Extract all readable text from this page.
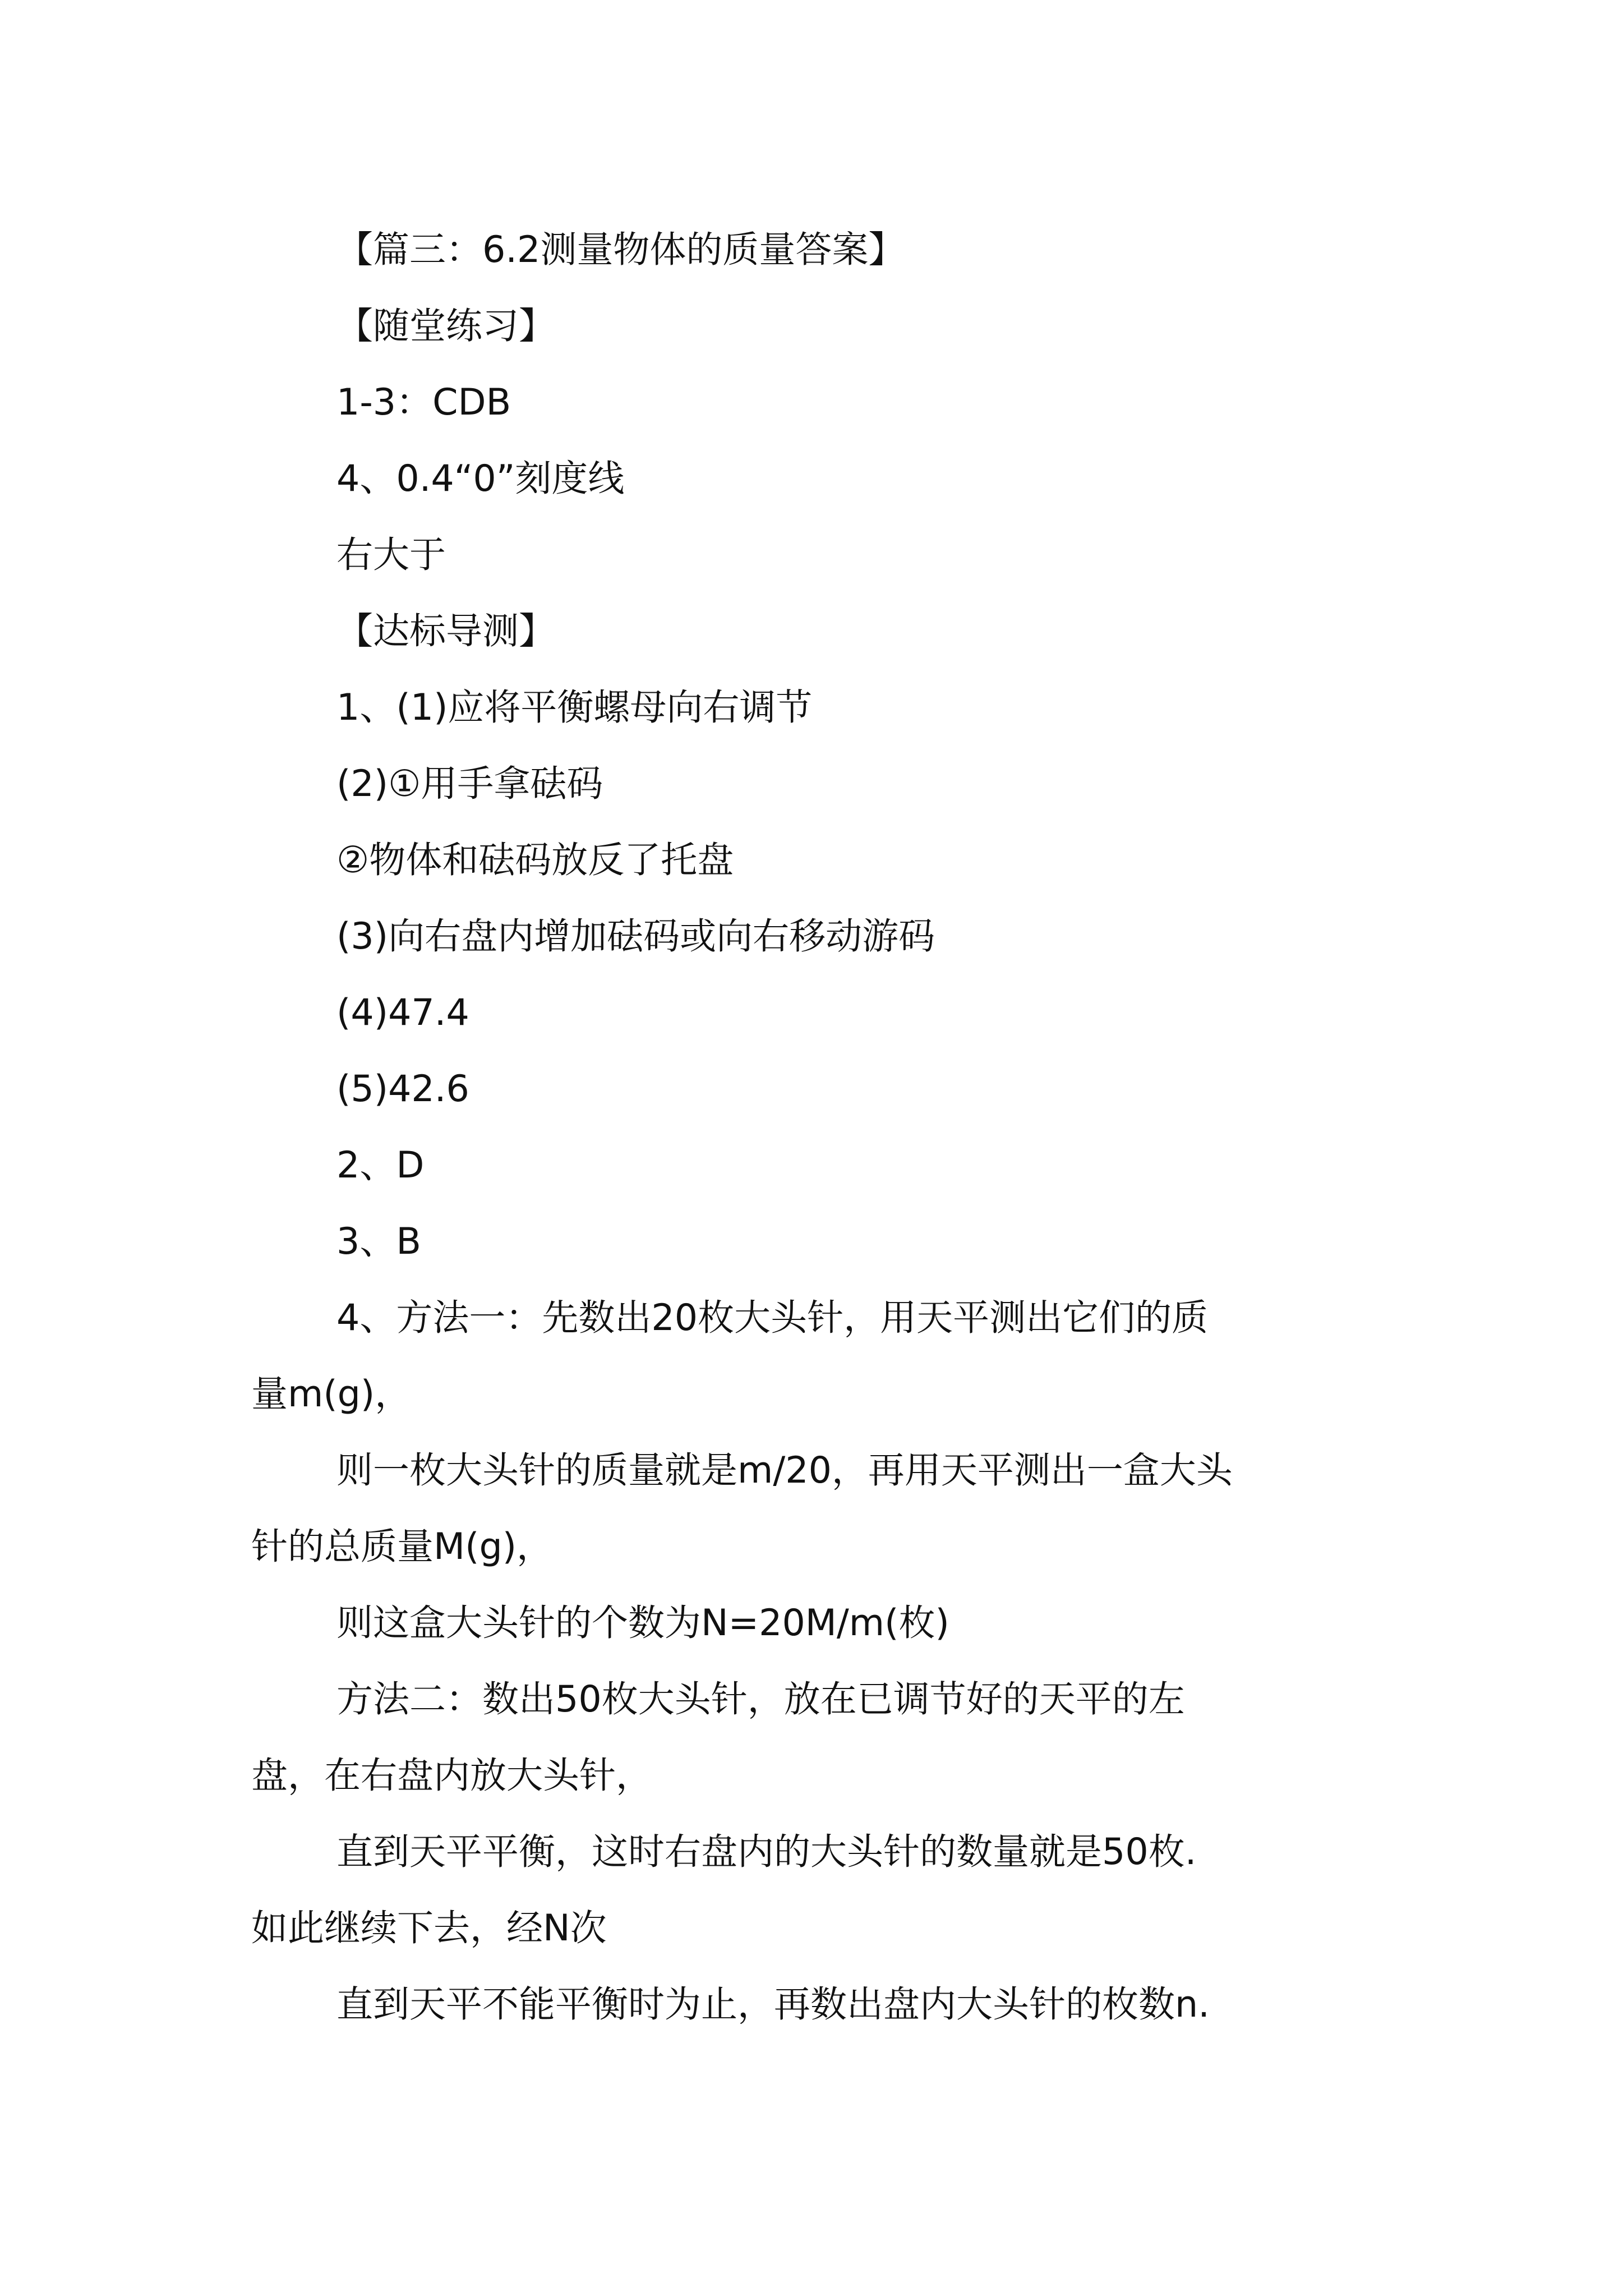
【篇三：6.2测量物体的质量答案】
【随堂练习】
1-3：CDB
4、0.4“0”刻度线
右大于
【达标导测】
1、(1)应将平衡螺母向右调节
(2)①用手拿砝码
②物体和砝码放反了托盘
(3)向右盘内增加砝码或向右移动游码
(4)47.4
(5)42.6
2、D
3、B
4、方法一：先数出20枚大头针，用天平测出它们的质
量m(g)，
则一枚大头针的质量就是m/20，再用天平测出一盒大头
针的总质量M(g)，
则这盒大头针的个数为N=20M/m(枚)
方法二：数出50枚大头针，放在已调节好的天平的左
盘，在右盘内放大头针，
直到天平平衡，这时右盘内的大头针的数量就是50枚.
如此继续下去，经N次
直到天平不能平衡时为止，再数出盘内大头针的枚数n.
